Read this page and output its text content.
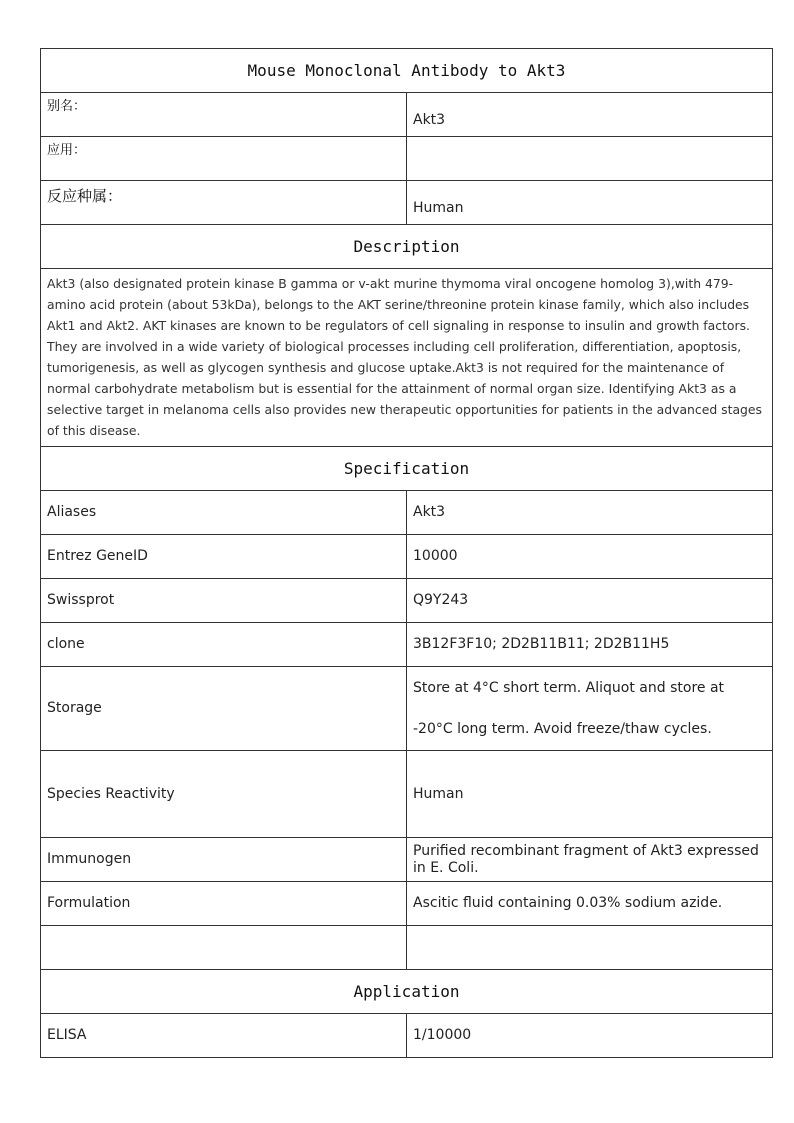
Mouse Monoclonal Antibody to Akt3	
别名：	Akt3
应用：	
反应种属：	Human
Description	
Akt3 (also designated protein kinase B gamma or v-akt murine thymoma viral oncogene homolog 3),with 479-amino acid protein (about 53kDa), belongs to the AKT serine/threonine protein kinase family, which also includes Akt1 and Akt2. AKT kinases are known to be regulators of cell signaling in response to insulin and growth factors. They are involved in a wide variety of biological processes including cell proliferation, differentiation, apoptosis, tumorigenesis, as well as glycogen synthesis and glucose uptake.Akt3 is not required for the maintenance of normal carbohydrate metabolism but is essential for the attainment of normal organ size. Identifying Akt3 as a selective target in melanoma cells also provides new therapeutic opportunities for patients in the advanced stages of this disease.	
Specification	
Aliases	Akt3
Entrez GeneID	10000
Swissprot	Q9Y243
clone	3B12F3F10; 2D2B11B11; 2D2B11H5
Storage	Store at 4°C short term. Aliquot and store at -20°C long term. Avoid freeze/thaw cycles.
Species Reactivity	Human
Immunogen	Purified recombinant fragment of Akt3 expressed in E. Coli.
Formulation	Ascitic fluid containing 0.03% sodium azide.

Application	
ELISA	1/10000
